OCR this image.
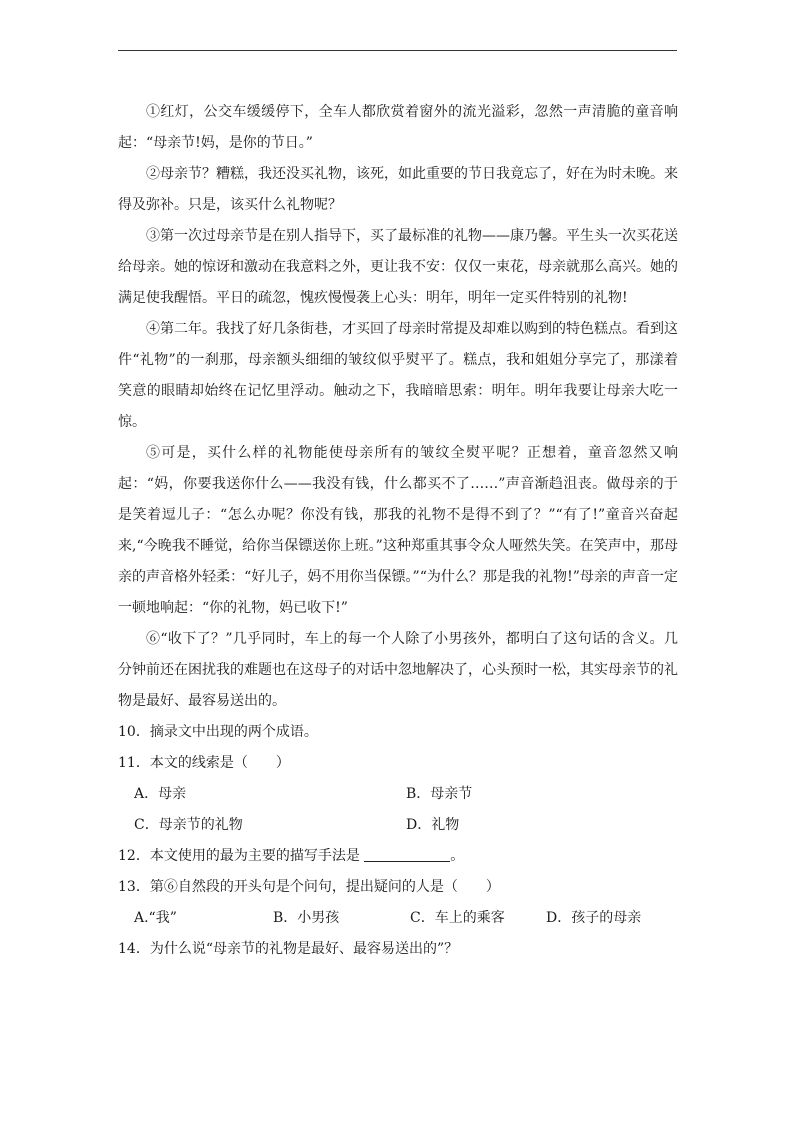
①红灯，公交车缓缓停下，全车人都欣赏着窗外的流光溢彩，忽然一声清脆的童音响起：“母亲节!妈，是你的节日。”

②母亲节？糟糕，我还没买礼物，该死，如此重要的节日我竟忘了，好在为时未晚。来得及弥补。只是，该买什么礼物呢？

③第一次过母亲节是在别人指导下，买了最标准的礼物——康乃馨。平生头一次买花送给母亲。她的惊讶和激动在我意料之外，更让我不安：仅仅一束花，母亲就那么高兴。她的满足使我醒悟。平日的疏忽，愧疚慢慢袭上心头：明年，明年一定买件特别的礼物!

④第二年。我找了好几条街巷，才买回了母亲时常提及却难以购到的特色糕点。看到这件“礼物”的一刹那，母亲额头细细的皱纹似乎熨平了。糕点，我和姐姐分享完了，那漾着笑意的眼睛却始终在记忆里浮动。触动之下，我暗暗思索：明年。明年我要让母亲大吃一惊。

⑤可是，买什么样的礼物能使母亲所有的皱纹全熨平呢？正想着，童音忽然又响起：“妈，你要我送你什么——我没有钱，什么都买不了……”声音渐趋沮丧。做母亲的于是笑着逗儿子：“怎么办呢？你没有钱，那我的礼物不是得不到了？”“有了!”童音兴奋起来,“今晚我不睡觉，给你当保镖送你上班。”这种郑重其事令众人哑然失笑。在笑声中，那母亲的声音格外轻柔：“好儿子，妈不用你当保镖。”“为什么？那是我的礼物!”母亲的声音一定一顿地响起：“你的礼物，妈已收下!”

⑥“收下了？”几乎同时，车上的每一个人除了小男孩外，都明白了这句话的含义。几分钟前还在困扰我的难题也在这母子的对话中忽地解决了，心头预时一松，其实母亲节的礼物是最好、最容易送出的。

10．摘录文中出现的两个成语。

11．本文的线索是（　　）

A．母亲	B．母亲节
C．母亲节的礼物	D．礼物

12．本文使用的最为主要的描写手法是	。

13．第⑥自然段的开头句是个问句，提出疑问的人是（　　）

A.“我”	B．小男孩	C．车上的乘客	D．孩子的母亲

14．为什么说“母亲节的礼物是最好、最容易送出的”？
